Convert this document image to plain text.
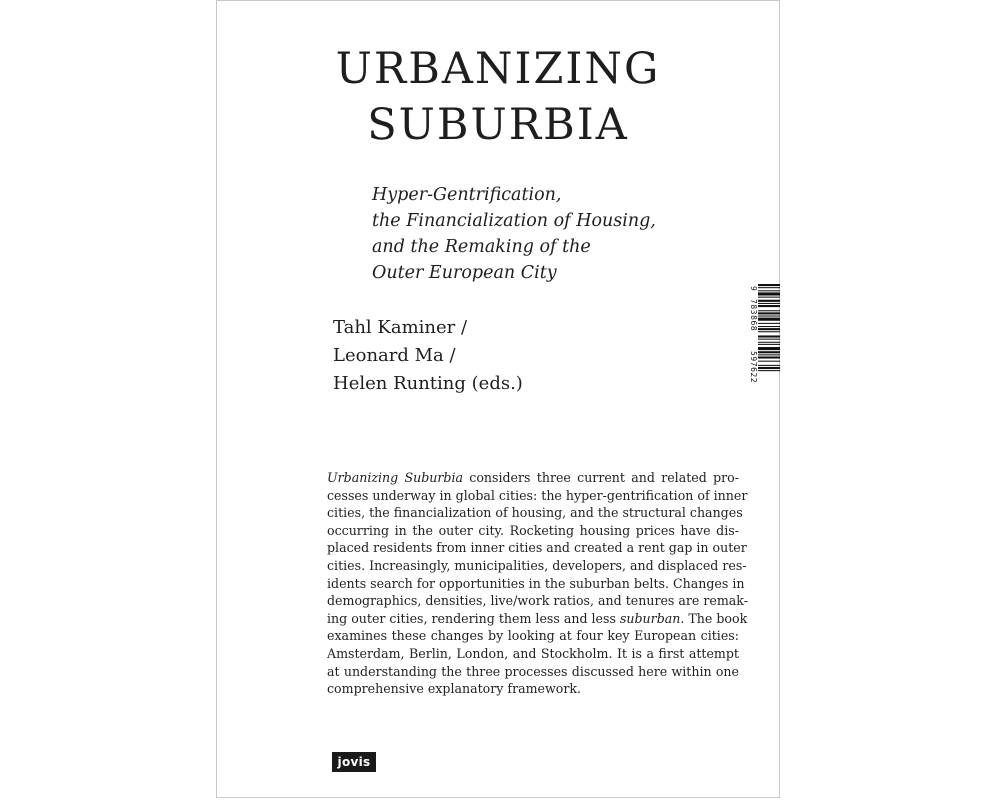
URBANIZING
SUBURBIA
Hyper-Gentrification,
the Financialization of Housing,
and the Remaking of the
Outer European City
Tahl Kaminer /
Leonard Ma /
Helen Runting (eds.)
9
783868
597622
Urbanizing Suburbia considers three current and related pro-
cesses underway in global cities: the hyper-gentrification of inner
cities, the financialization of housing, and the structural changes
occurring in the outer city. Rocketing housing prices have dis-
placed residents from inner cities and created a rent gap in outer
cities. Increasingly, municipalities, developers, and displaced res-
idents search for opportunities in the suburban belts. Changes in
demographics, densities, live/work ratios, and tenures are remak-
ing outer cities, rendering them less and less suburban. The book
examines these changes by looking at four key European cities:
Amsterdam, Berlin, London, and Stockholm. It is a first attempt
at understanding the three processes discussed here within one
comprehensive explanatory framework.
jovis
